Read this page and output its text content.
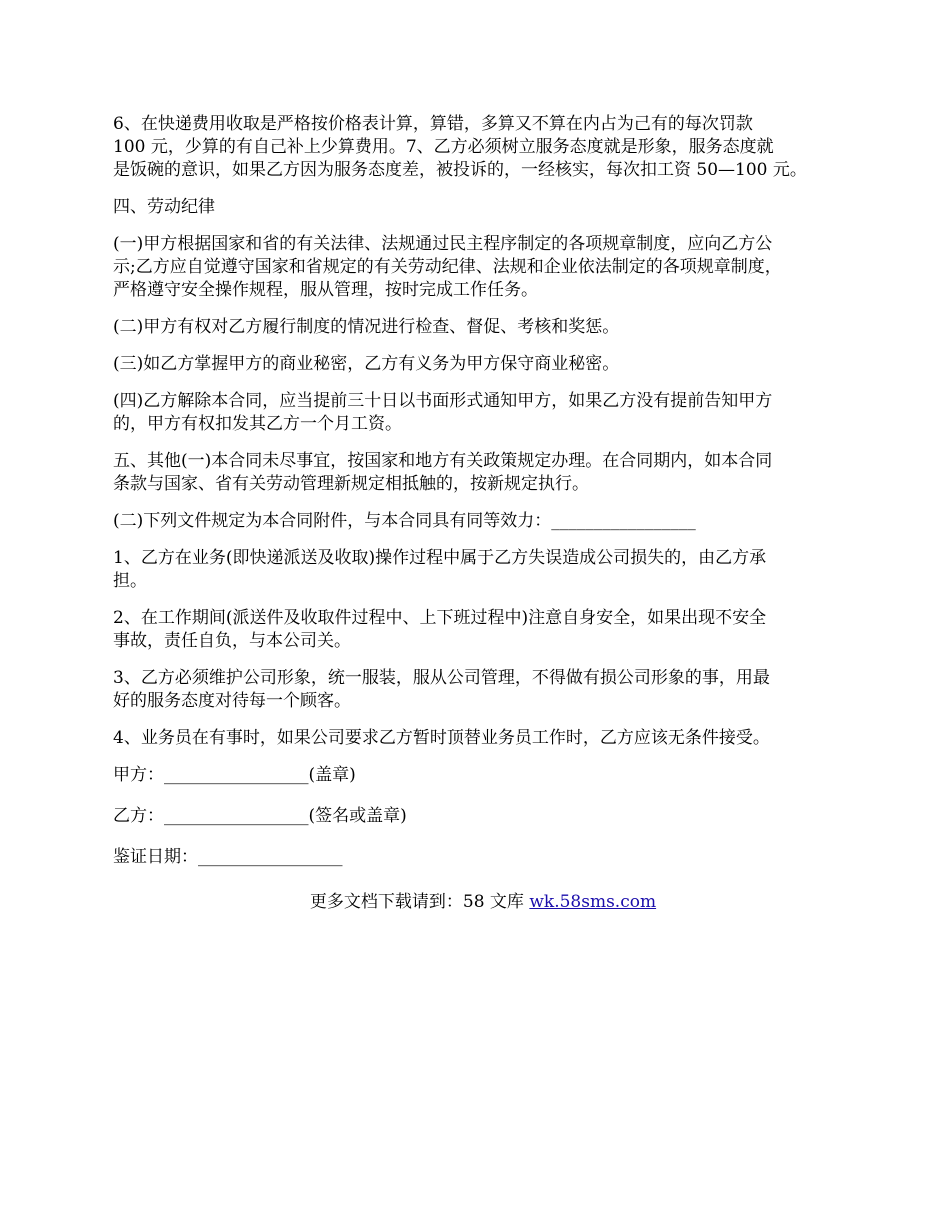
6、在快递费用收取是严格按价格表计算，算错，多算又不算在内占为己有的每次罚款
100 元，少算的有自己补上少算费用。7、乙方必须树立服务态度就是形象，服务态度就
是饭碗的意识，如果乙方因为服务态度差，被投诉的，一经核实，每次扣工资 50—100 元。

四、劳动纪律

(一)甲方根据国家和省的有关法律、法规通过民主程序制定的各项规章制度，应向乙方公
示;乙方应自觉遵守国家和省规定的有关劳动纪律、法规和企业依法制定的各项规章制度，
严格遵守安全操作规程，服从管理，按时完成工作任务。

(二)甲方有权对乙方履行制度的情况进行检查、督促、考核和奖惩。

(三)如乙方掌握甲方的商业秘密，乙方有义务为甲方保守商业秘密。

(四)乙方解除本合同，应当提前三十日以书面形式通知甲方，如果乙方没有提前告知甲方
的，甲方有权扣发其乙方一个月工资。

五、其他(一)本合同未尽事宜，按国家和地方有关政策规定办理。在合同期内，如本合同
条款与国家、省有关劳动管理新规定相抵触的，按新规定执行。

(二)下列文件规定为本合同附件，与本合同具有同等效力：_________________

1、乙方在业务(即快递派送及收取)操作过程中属于乙方失误造成公司损失的，由乙方承
担。

2、在工作期间(派送件及收取件过程中、上下班过程中)注意自身安全，如果出现不安全
事故，责任自负，与本公司关。

3、乙方必须维护公司形象，统一服装，服从公司管理，不得做有损公司形象的事，用最
好的服务态度对待每一个顾客。

4、业务员在有事时，如果公司要求乙方暂时顶替业务员工作时，乙方应该无条件接受。

甲方：_________________(盖章)
乙方：_________________(签名或盖章)
鉴证日期：_________________
更多文档下载请到：58 文库 wk.58sms.com
